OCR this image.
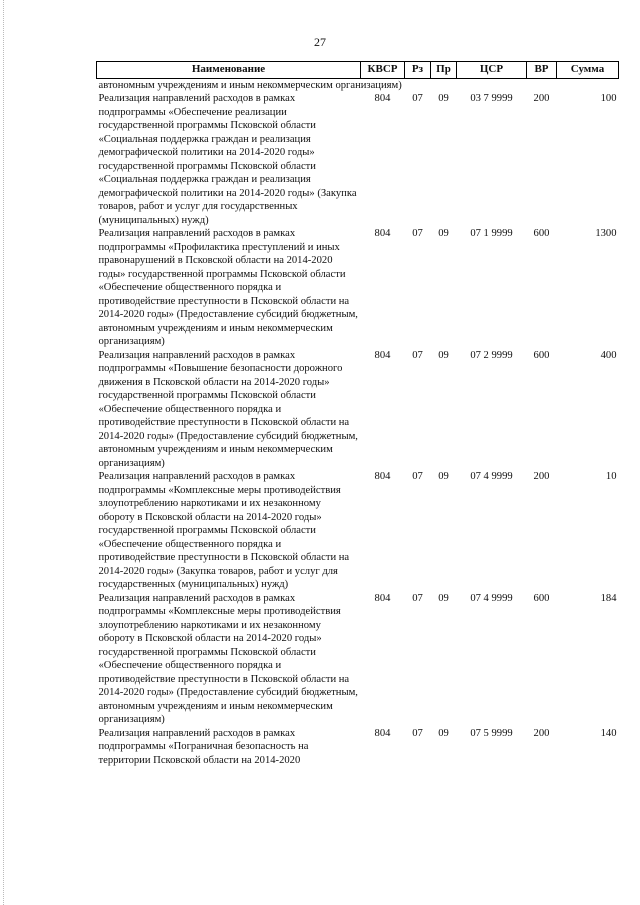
27
Наименование	КВСР	Рз	Пр	ЦСР	ВР	Сумма
автономным учреждениям и иным некоммерческим организациям)						
Реализация направлений расходов в рамках подпрограммы «Обеспечение реализации государственной программы Псковской области «Социальная поддержка граждан и реализация демографической политики на 2014-2020 годы» государственной программы Псковской области «Социальная поддержка граждан и реализация демографической политики на 2014-2020 годы» (Закупка товаров, работ и услуг для государственных (муниципальных) нужд)	804	07	09	03 7 9999	200	100
Реализация направлений расходов в рамках подпрограммы «Профилактика преступлений и иных правонарушений в Псковской области на 2014-2020 годы» государственной программы Псковской области «Обеспечение общественного порядка и противодействие преступности в Псковской области на 2014-2020 годы» (Предоставление субсидий бюджетным, автономным учреждениям и иным некоммерческим организациям)	804	07	09	07 1 9999	600	1300
Реализация направлений расходов в рамках подпрограммы «Повышение безопасности дорожного движения в Псковской области на 2014-2020 годы» государственной программы Псковской области «Обеспечение общественного порядка и противодействие преступности в Псковской области на 2014-2020 годы» (Предоставление субсидий бюджетным, автономным учреждениям и иным некоммерческим организациям)	804	07	09	07 2 9999	600	400
Реализация направлений расходов в рамках подпрограммы «Комплексные меры противодействия злоупотреблению наркотиками и их незаконному обороту в Псковской области на 2014-2020 годы» государственной программы Псковской области «Обеспечение общественного порядка и противодействие преступности в Псковской области на 2014-2020 годы» (Закупка товаров, работ и услуг для государственных (муниципальных) нужд)	804	07	09	07 4 9999	200	10
Реализация направлений расходов в рамках подпрограммы «Комплексные меры противодействия злоупотреблению наркотиками и их незаконному обороту в Псковской области на 2014-2020 годы» государственной программы Псковской области «Обеспечение общественного порядка и противодействие преступности в Псковской области на 2014-2020 годы» (Предоставление субсидий бюджетным, автономным учреждениям и иным некоммерческим организациям)	804	07	09	07 4 9999	600	184
Реализация направлений расходов в рамках подпрограммы «Пограничная безопасность на территории Псковской области на 2014-2020	804	07	09	07 5 9999	200	140
